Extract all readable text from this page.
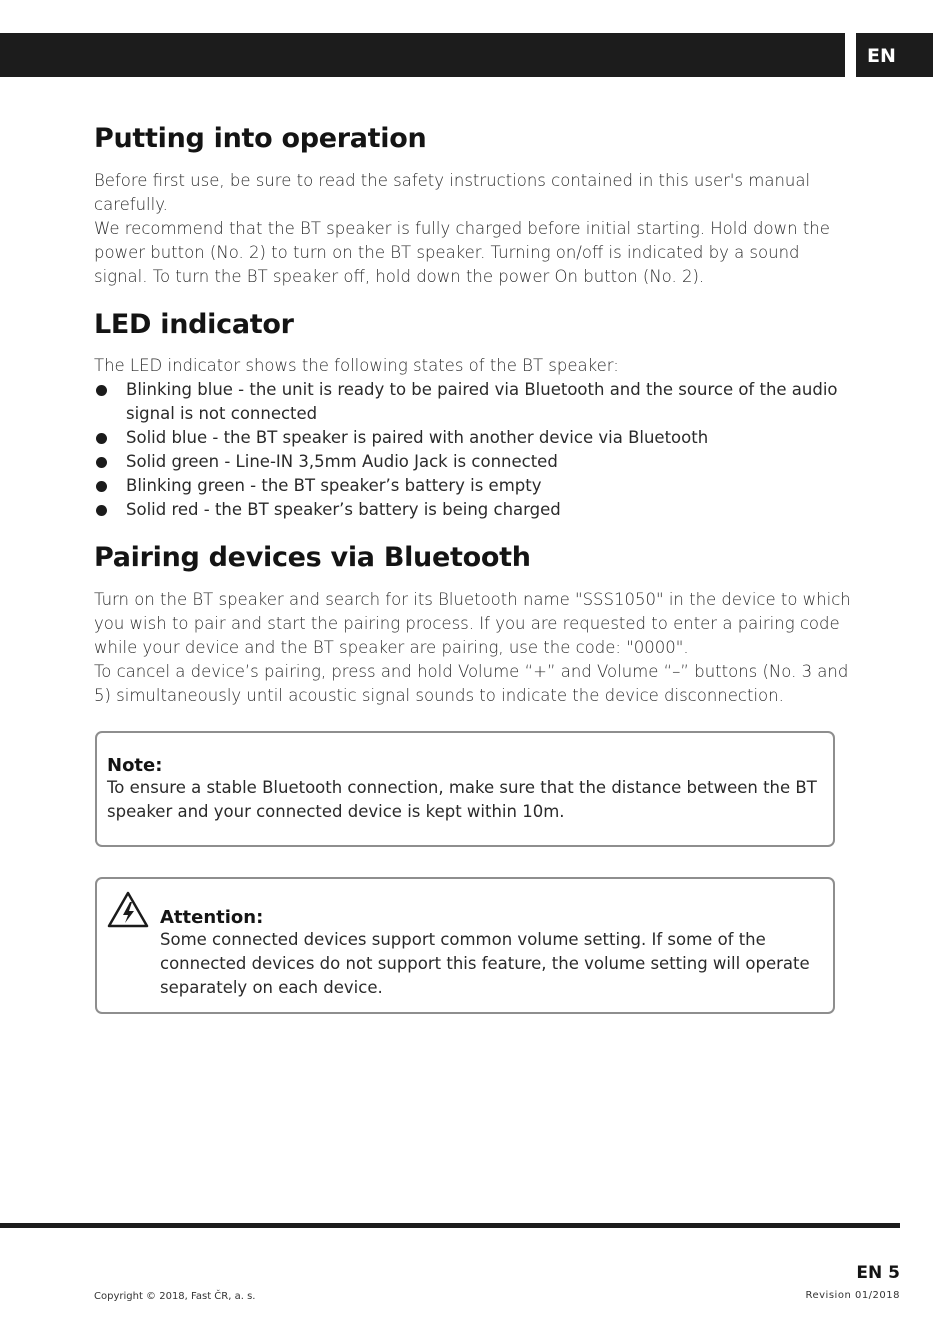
EN
Putting into operation

Before first use, be sure to read the safety instructions contained in this user's manual carefully.

We recommend that the BT speaker is fully charged before initial starting. Hold down the power button (No. 2) to turn on the BT speaker. Turning on/off is indicated by a sound signal. To turn the BT speaker off, hold down the power On button (No. 2).

LED indicator
The LED indicator shows the following states of the BT speaker:
Blinking blue - the unit is ready to be paired via Bluetooth and the source of the audio signal is not connected
Solid blue - the BT speaker is paired with another device via Bluetooth
Solid green - Line-IN 3,5mm Audio Jack is connected
Blinking green - the BT speaker’s battery is empty
Solid red - the BT speaker’s battery is being charged
Pairing devices via Bluetooth

Turn on the BT speaker and search for its Bluetooth name "SSS1050" in the device to which you wish to pair and start the pairing process. If you are requested to enter a pairing code while your device and the BT speaker are pairing, use the code: "0000".

To cancel a device’s pairing, press and hold Volume “+” and Volume “–” buttons (No. 3 and 5) simultaneously until acoustic signal sounds to indicate the device disconnection.

Note:
To ensure a stable Bluetooth connection, make sure that the distance between the BT speaker and your connected device is kept within 10m.
Attention:
Some connected devices support common volume setting. If some of the connected devices do not support this feature, the volume setting will operate separately on each device.
EN 5
Copyright © 2018, Fast ČR, a. s.	Revision 01/2018
